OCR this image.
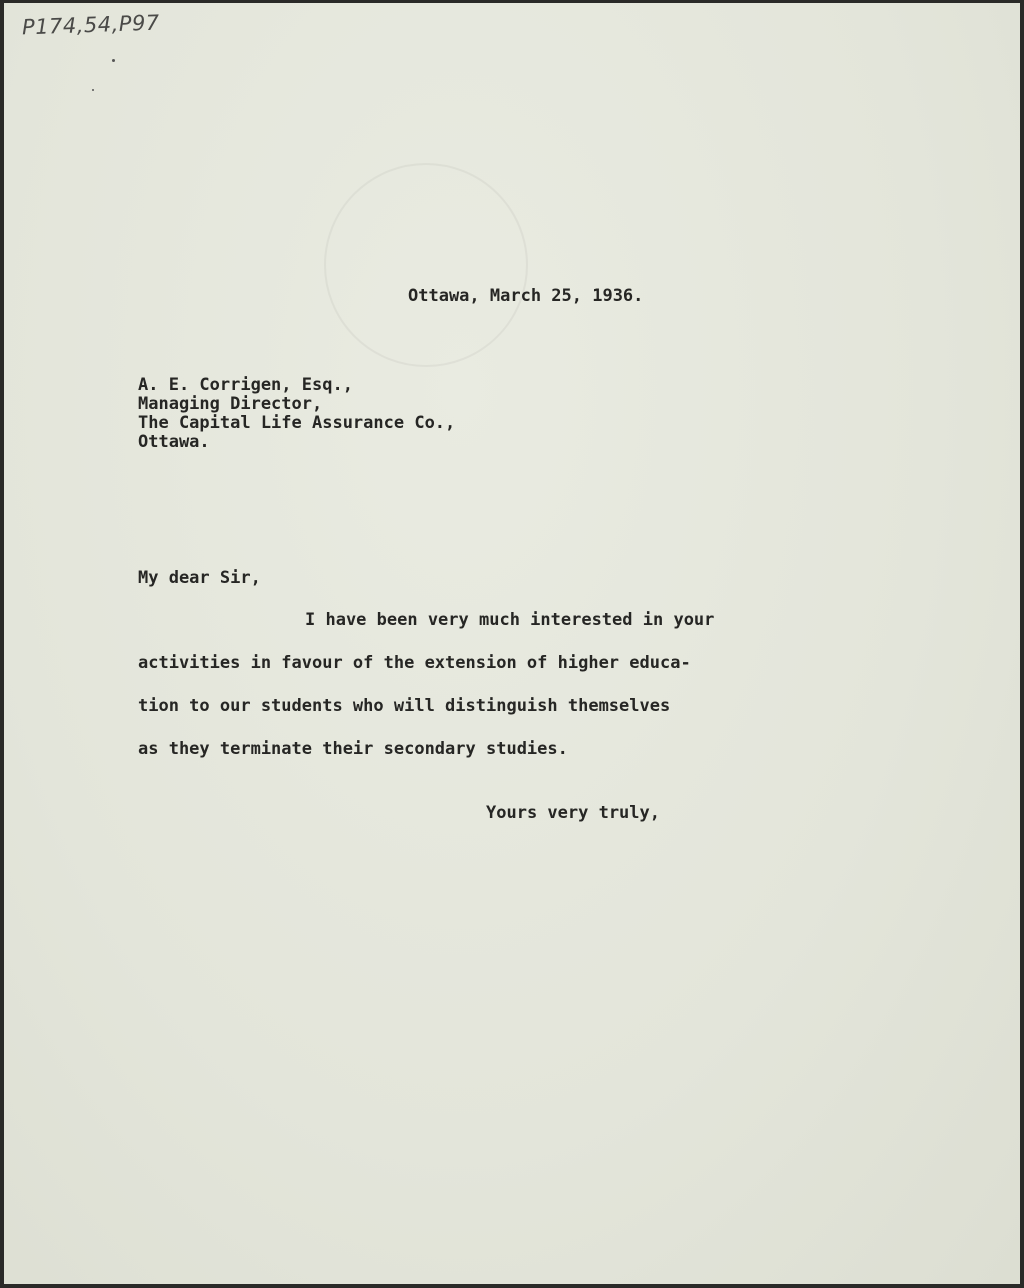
P174,54,P97

Ottawa, March 25, 1936.

A. E. Corrigen, Esq.,

Managing Director,

The Capital Life Assurance Co.,

Ottawa.

My dear Sir,

I have been very much interested in your

activities in favour of the extension of higher educa-

tion to our students who will distinguish themselves

as they terminate their secondary studies.

Yours very truly,
